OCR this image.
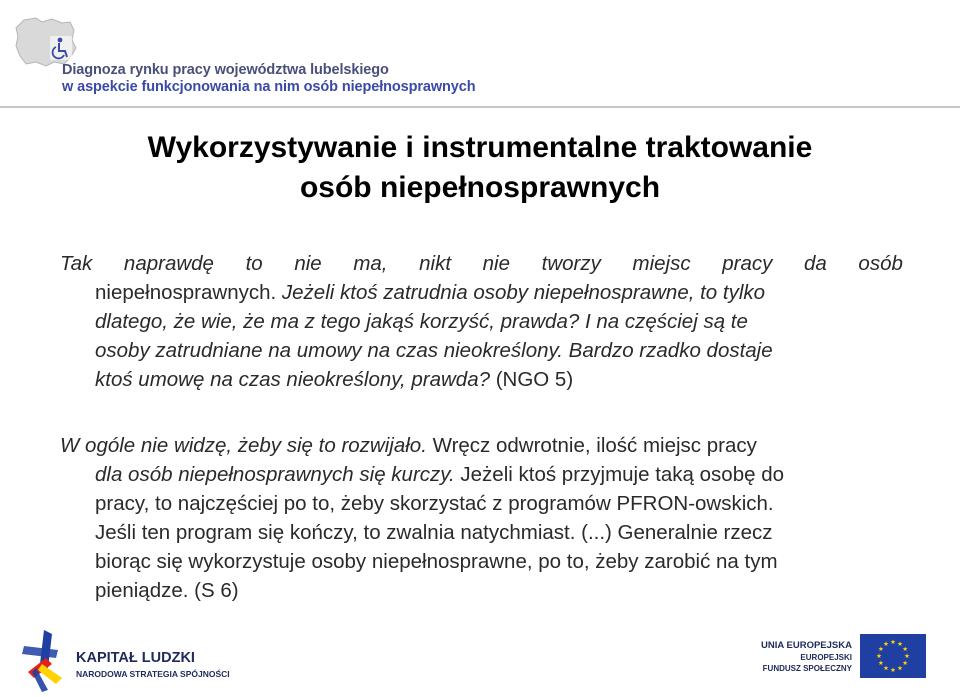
Diagnoza rynku pracy województwa lubelskiego
w aspekcie funkcjonowania na nim osób niepełnosprawnych
Wykorzystywanie i instrumentalne traktowanie
osób niepełnosprawnych
Tak naprawdę to nie ma, nikt nie tworzy miejsc pracy da osób
niepełnosprawnych. Jeżeli ktoś zatrudnia osoby niepełnosprawne, to tylko
dlatego, że wie, że ma z tego jakąś korzyść, prawda? I na częściej są te
osoby zatrudniane na umowy na czas nieokreślony. Bardzo rzadko dostaje
ktoś umowę na czas nieokreślony, prawda? (NGO 5)
W ogóle nie widzę, żeby się to rozwijało. Wręcz odwrotnie, ilość miejsc pracy
dla osób niepełnosprawnych się kurczy. Jeżeli ktoś przyjmuje taką osobę do
pracy, to najczęściej po to, żeby skorzystać z programów PFRON-owskich.
Jeśli ten program się kończy, to zwalnia natychmiast. (...) Generalnie rzecz
biorąc się wykorzystuje osoby niepełnosprawne, po to, żeby zarobić na tym
pieniądze. (S 6)
KAPITAŁ LUDZKI
NARODOWA STRATEGIA SPÓJNOŚCI
UNIA EUROPEJSKA
EUROPEJSKI
FUNDUSZ SPOŁECZNY
